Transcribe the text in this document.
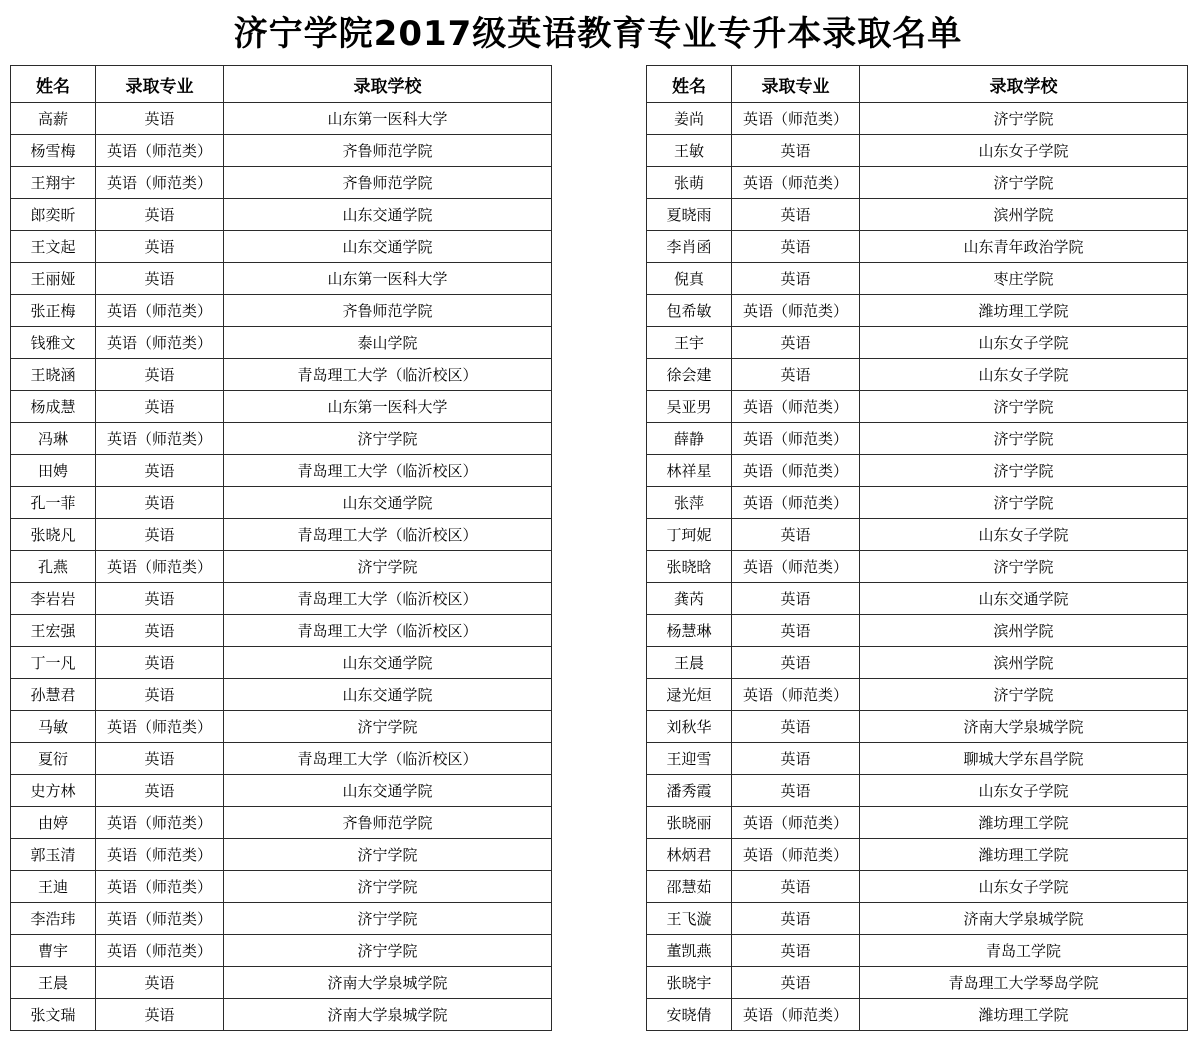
济宁学院2017级英语教育专业专升本录取名单
姓名	录取专业	录取学校
高薪	英语	山东第一医科大学
杨雪梅	英语（师范类）	齐鲁师范学院
王翔宇	英语（师范类）	齐鲁师范学院
郎奕昕	英语	山东交通学院
王文起	英语	山东交通学院
王丽娅	英语	山东第一医科大学
张正梅	英语（师范类）	齐鲁师范学院
钱雅文	英语（师范类）	泰山学院
王晓涵	英语	青岛理工大学（临沂校区）
杨成慧	英语	山东第一医科大学
冯琳	英语（师范类）	济宁学院
田娉	英语	青岛理工大学（临沂校区）
孔一菲	英语	山东交通学院
张晓凡	英语	青岛理工大学（临沂校区）
孔燕	英语（师范类）	济宁学院
李岩岩	英语	青岛理工大学（临沂校区）
王宏强	英语	青岛理工大学（临沂校区）
丁一凡	英语	山东交通学院
孙慧君	英语	山东交通学院
马敏	英语（师范类）	济宁学院
夏衍	英语	青岛理工大学（临沂校区）
史方林	英语	山东交通学院
由婷	英语（师范类）	齐鲁师范学院
郭玉清	英语（师范类）	济宁学院
王迪	英语（师范类）	济宁学院
李浩玮	英语（师范类）	济宁学院
曹宇	英语（师范类）	济宁学院
王晨	英语	济南大学泉城学院
张文瑞	英语	济南大学泉城学院
姓名	录取专业	录取学校
姜尚	英语（师范类）	济宁学院
王敏	英语	山东女子学院
张萌	英语（师范类）	济宁学院
夏晓雨	英语	滨州学院
李肖函	英语	山东青年政治学院
倪真	英语	枣庄学院
包希敏	英语（师范类）	潍坊理工学院
王宇	英语	山东女子学院
徐会建	英语	山东女子学院
吴亚男	英语（师范类）	济宁学院
薛静	英语（师范类）	济宁学院
林祥星	英语（师范类）	济宁学院
张萍	英语（师范类）	济宁学院
丁珂妮	英语	山东女子学院
张晓晗	英语（师范类）	济宁学院
龚芮	英语	山东交通学院
杨慧琳	英语	滨州学院
王晨	英语	滨州学院
逯光烜	英语（师范类）	济宁学院
刘秋华	英语	济南大学泉城学院
王迎雪	英语	聊城大学东昌学院
潘秀霞	英语	山东女子学院
张晓丽	英语（师范类）	潍坊理工学院
林炳君	英语（师范类）	潍坊理工学院
邵慧茹	英语	山东女子学院
王飞漩	英语	济南大学泉城学院
董凯燕	英语	青岛工学院
张晓宇	英语	青岛理工大学琴岛学院
安晓倩	英语（师范类）	潍坊理工学院
